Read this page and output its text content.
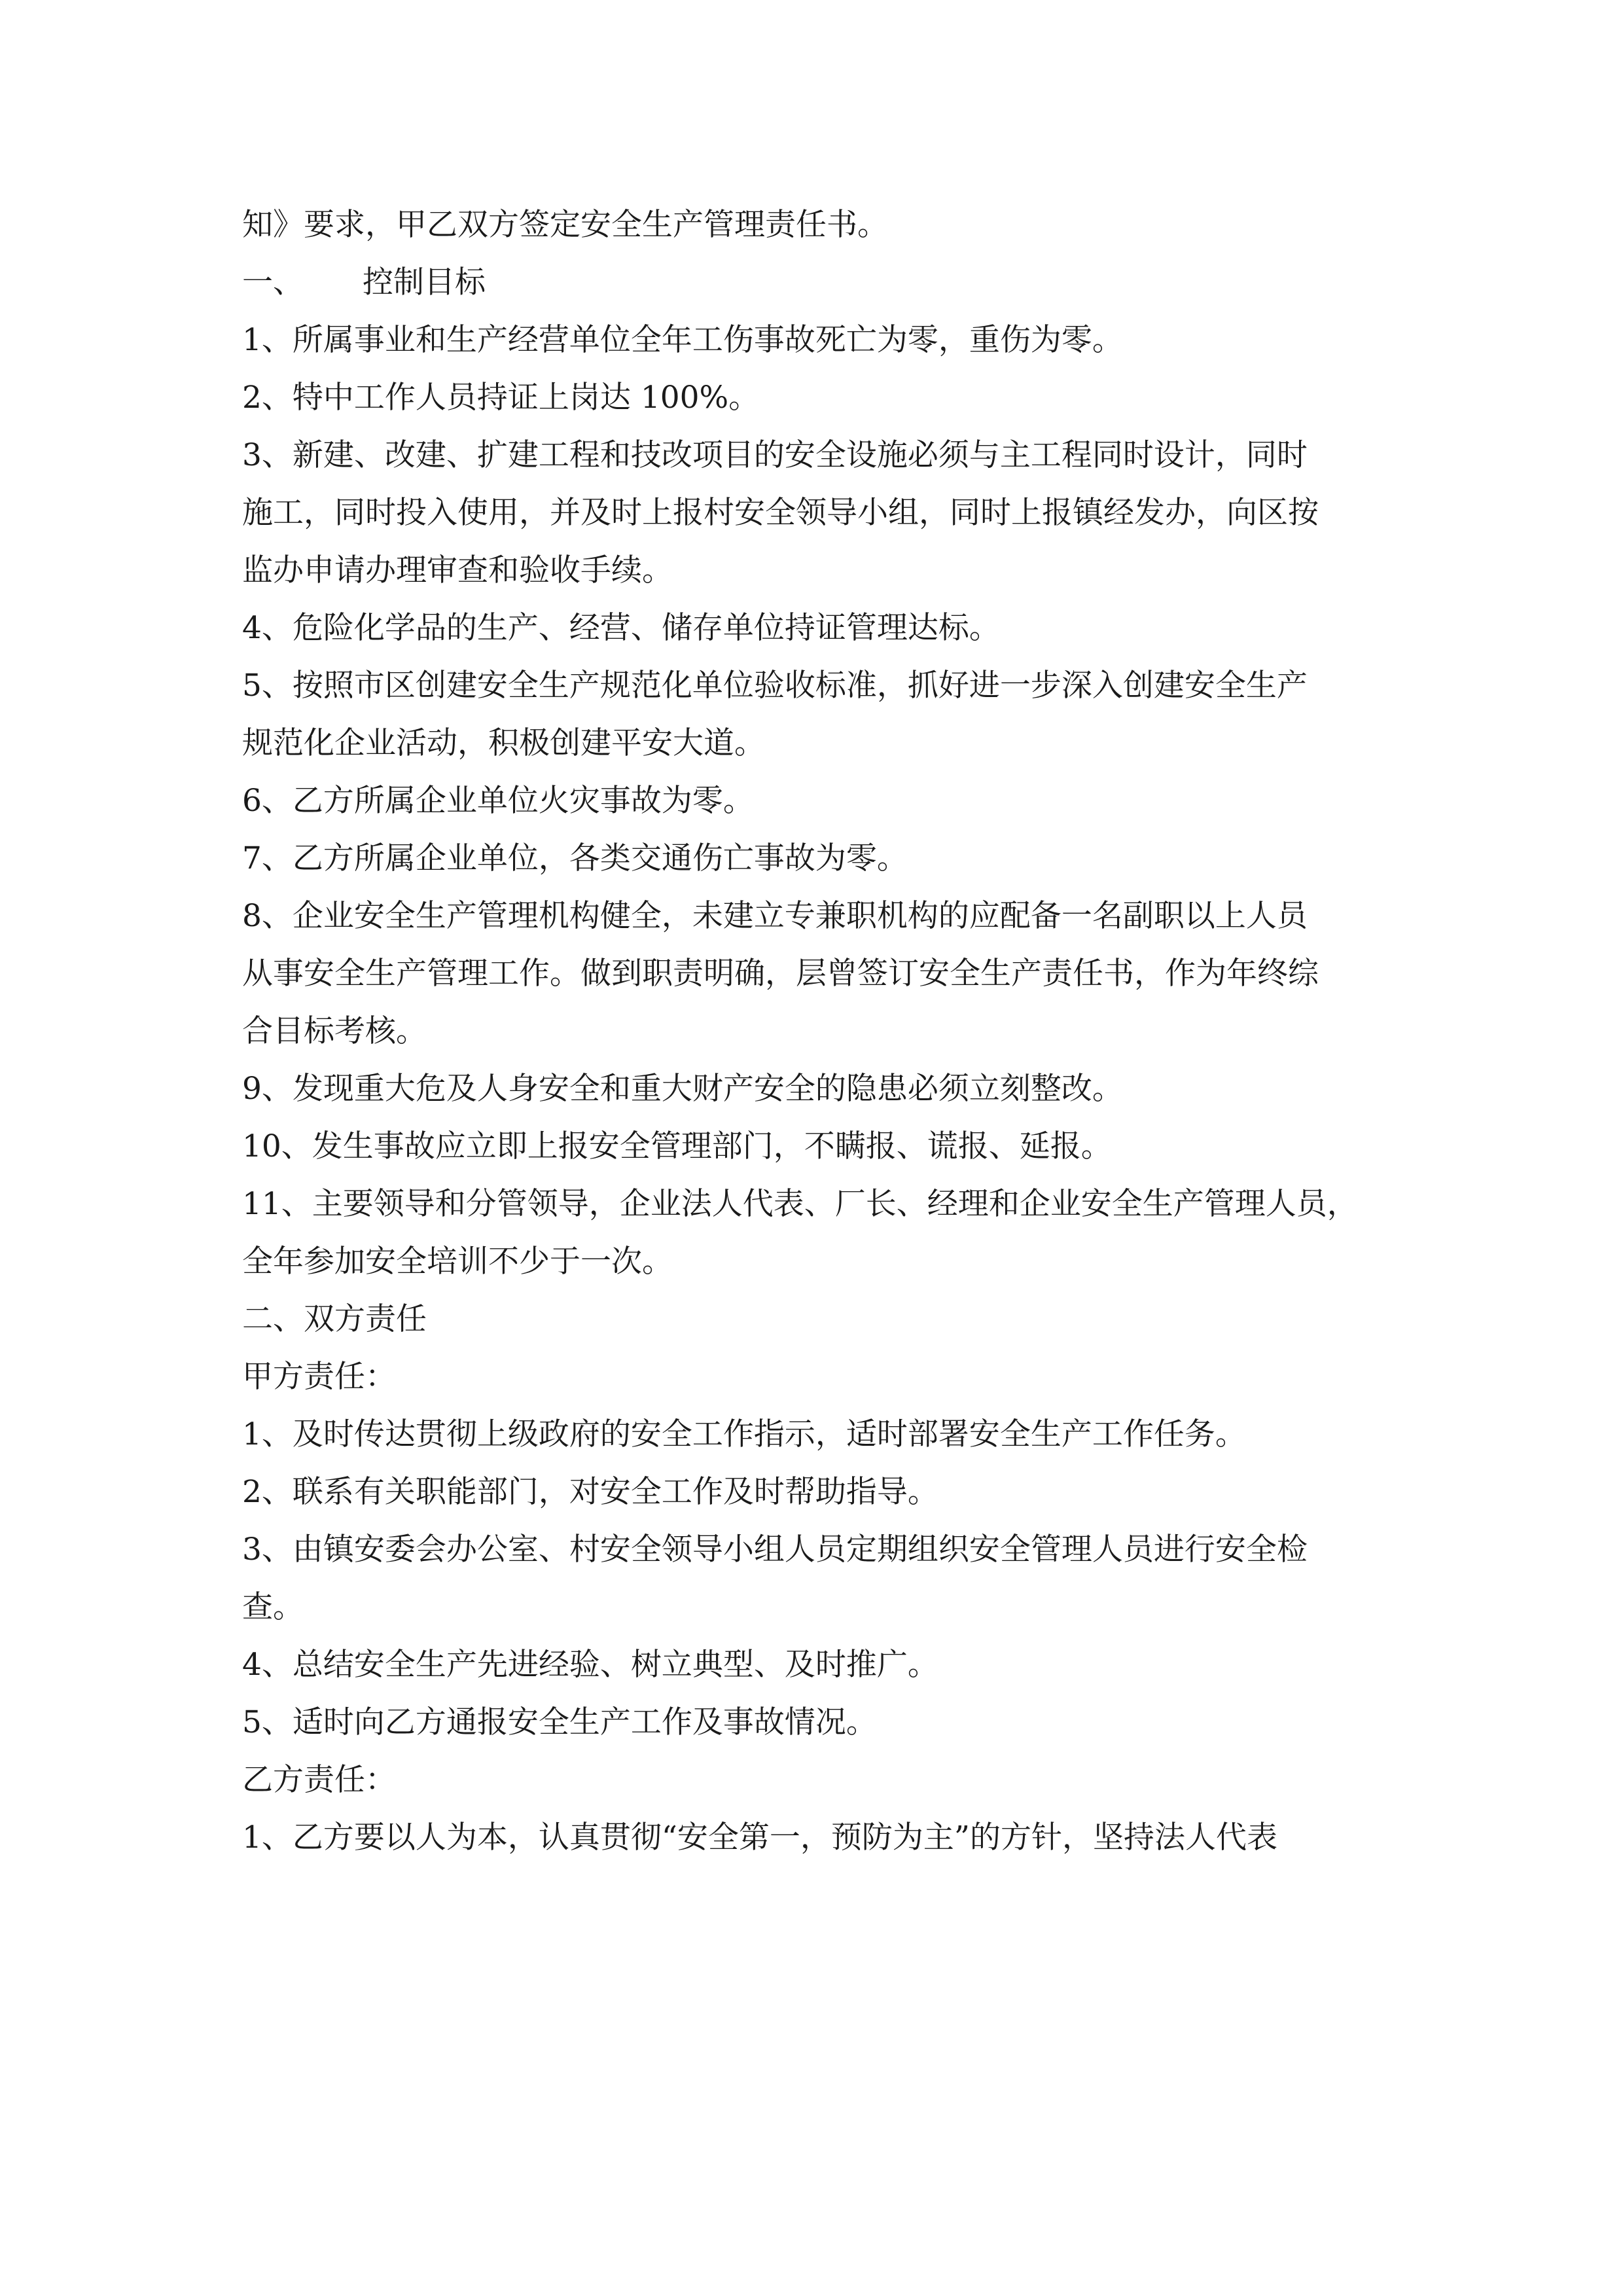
知》要求，甲乙双方签定安全生产管理责任书。
一、 控制目标
1、所属事业和生产经营单位全年工伤事故死亡为零，重伤为零。
2、特中工作人员持证上岗达 100%。
3、新建、改建、扩建工程和技改项目的安全设施必须与主工程同时设计，同时
施工，同时投入使用，并及时上报村安全领导小组，同时上报镇经发办，向区按
监办申请办理审查和验收手续。
4、危险化学品的生产、经营、储存单位持证管理达标。
5、按照市区创建安全生产规范化单位验收标准，抓好进一步深入创建安全生产
规范化企业活动，积极创建平安大道。
6、乙方所属企业单位火灾事故为零。
7、乙方所属企业单位，各类交通伤亡事故为零。
8、企业安全生产管理机构健全，未建立专兼职机构的应配备一名副职以上人员
从事安全生产管理工作。做到职责明确，层曾签订安全生产责任书，作为年终综
合目标考核。
9、发现重大危及人身安全和重大财产安全的隐患必须立刻整改。
10、发生事故应立即上报安全管理部门，不瞒报、谎报、延报。
11、主要领导和分管领导，企业法人代表、厂长、经理和企业安全生产管理人员，
全年参加安全培训不少于一次。
二、双方责任
甲方责任：
1、及时传达贯彻上级政府的安全工作指示，适时部署安全生产工作任务。
2、联系有关职能部门，对安全工作及时帮助指导。
3、由镇安委会办公室、村安全领导小组人员定期组织安全管理人员进行安全检
查。
4、总结安全生产先进经验、树立典型、及时推广。
5、适时向乙方通报安全生产工作及事故情况。
乙方责任：
1、乙方要以人为本，认真贯彻“安全第一，预防为主”的方针，坚持法人代表
